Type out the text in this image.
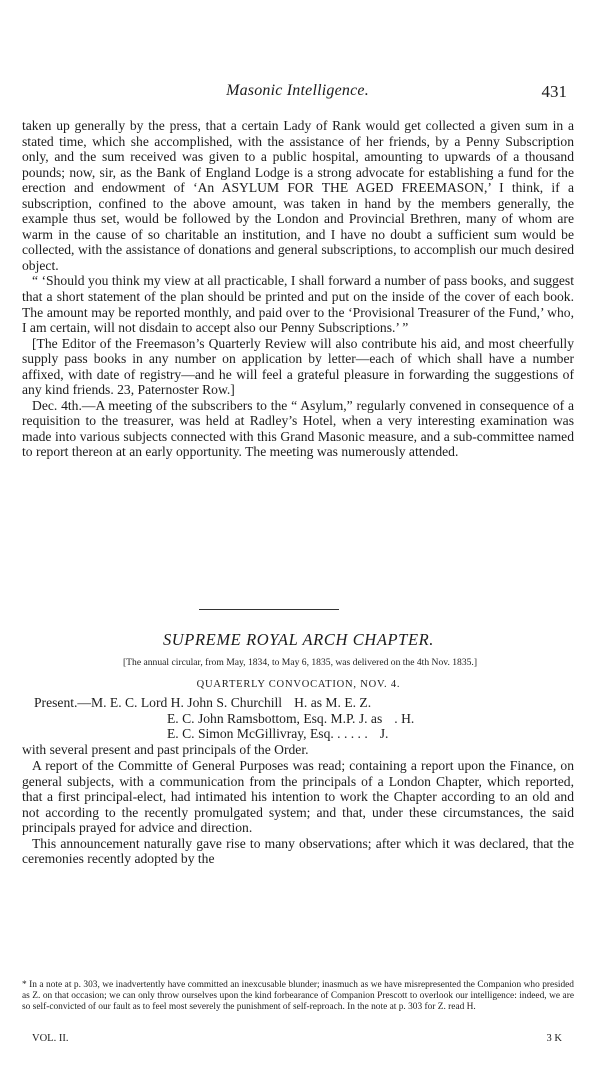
Masonic Intelligence.	431

taken up generally by the press, that a certain Lady of Rank would get collected a given sum in a stated time, which she accomplished, with the assistance of her friends, by a Penny Subscription only, and the sum received was given to a public hospital, amounting to upwards of a thousand pounds; now, sir, as the Bank of England Lodge is a strong advocate for establishing a fund for the erection and endowment of ‘An ASYLUM FOR THE AGED FREEMASON,’ I think, if a subscription, confined to the above amount, was taken in hand by the members generally, the example thus set, would be followed by the London and Provincial Brethren, many of whom are warm in the cause of so charitable an institution, and I have no doubt a sufficient sum would be collected, with the assistance of donations and general subscriptions, to accomplish our much desired object.

“ ‘Should you think my view at all practicable, I shall forward a number of pass books, and suggest that a short statement of the plan should be printed and put on the inside of the cover of each book. The amount may be reported monthly, and paid over to the ‘Provisional Treasurer of the Fund,’ who, I am certain, will not disdain to accept also our Penny Subscriptions.’ ”

[The Editor of the Freemason’s Quarterly Review will also contribute his aid, and most cheerfully supply pass books in any number on application by letter—each of which shall have a number affixed, with date of registry—and he will feel a grateful pleasure in forwarding the suggestions of any kind friends. 23, Paternoster Row.]

Dec. 4th.—A meeting of the subscribers to the “ Asylum,” regularly convened in consequence of a requisition to the treasurer, was held at Radley’s Hotel, when a very interesting examination was made into various subjects connected with this Grand Masonic measure, and a sub-committee named to report thereon at an early opportunity. The meeting was numerously attended.

SUPREME ROYAL ARCH CHAPTER.
[The annual circular, from May, 1834, to May 6, 1835, was delivered on the 4th Nov. 1835.]
QUARTERLY CONVOCATION, NOV. 4.
Present.—M. E. C. Lord H. John S. Churchill H. as M. E. Z.
E. C. John Ramsbottom, Esq. M.P. J. as . H.
E. C. Simon McGillivray, Esq. . . . . . J.
with several present and past principals of the Order.

A report of the Committe of General Purposes was read; containing a report upon the Finance, on general subjects, with a communication from the principals of a London Chapter, which reported, that a first principal-elect, had intimated his intention to work the Chapter according to an old and not according to the recently promulgated system; and that, under these circumstances, the said principals prayed for advice and direction.

This announcement naturally gave rise to many observations; after which it was declared, that the ceremonies recently adopted by the

* In a note at p. 303, we inadvertently have committed an inexcusable blunder; inasmuch as we have misrepresented the Companion who presided as Z. on that occasion; we can only throw ourselves upon the kind forbearance of Companion Prescott to overlook our intelligence: indeed, we are so self-convicted of our fault as to feel most severely the punishment of self-reproach. In the note at p. 303 for Z. read H.
VOL. II.	3 K
